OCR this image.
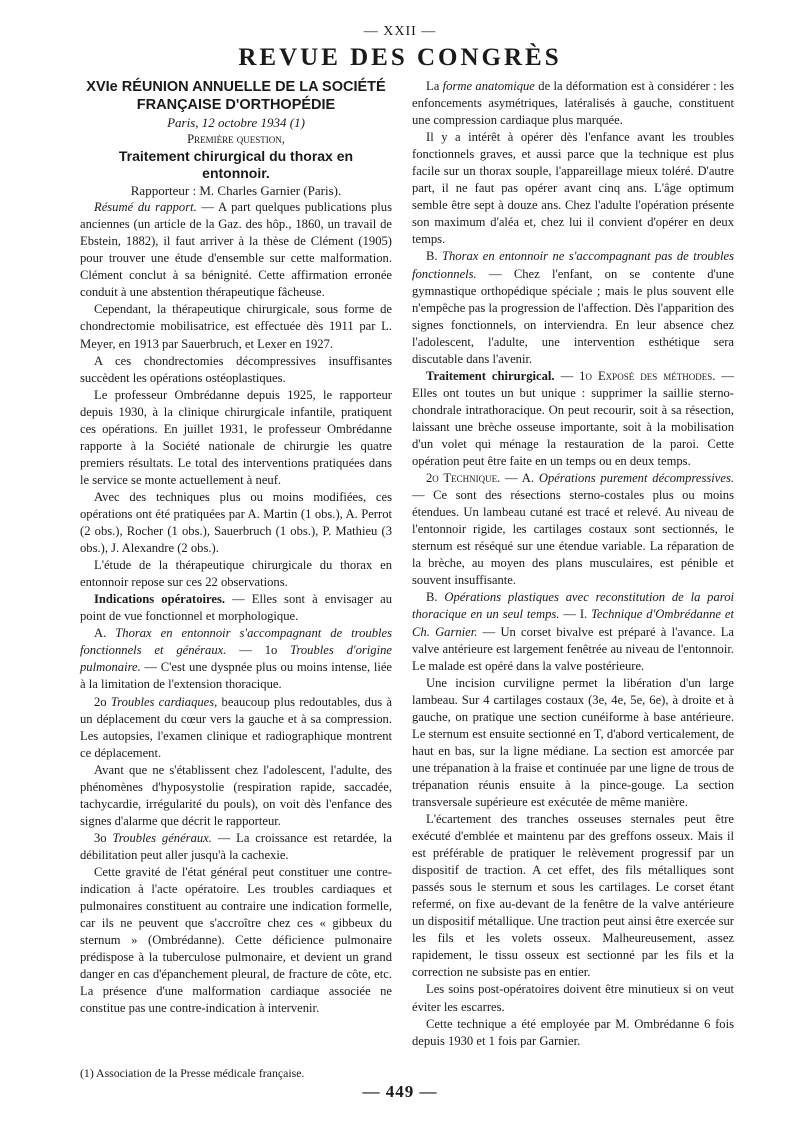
— XXII —
REVUE DES CONGRÈS

XVIe RÉUNION ANNUELLE DE LA SOCIÉTÉ

FRANÇAISE D'ORTHOPÉDIE

Paris, 12 octobre 1934 (1)

Première question,

Traitement chirurgical du thorax en

entonnoir.

Rapporteur : M. Charles Garnier (Paris).

Résumé du rapport. — A part quelques publications plus anciennes (un article de la Gaz. des hôp., 1860, un travail de Ebstein, 1882), il faut arriver à la thèse de Clément (1905) pour trouver une étude d'ensemble sur cette malformation. Clément conclut à sa bénignité. Cette affirmation erronée conduit à une abstention thérapeutique fâcheuse.

Cependant, la thérapeutique chirurgicale, sous forme de chondrectomie mobilisatrice, est effectuée dès 1911 par L. Meyer, en 1913 par Sauerbruch, et Lexer en 1927.

A ces chondrectomies décompressives insuffisantes succèdent les opérations ostéoplastiques.

Le professeur Ombrédanne depuis 1925, le rapporteur depuis 1930, à la clinique chirurgicale infantile, pratiquent ces opérations. En juillet 1931, le professeur Ombrédanne rapporte à la Société nationale de chirurgie les quatre premiers résultats. Le total des interventions pratiquées dans le service se monte actuellement à neuf.

Avec des techniques plus ou moins modifiées, ces opérations ont été pratiquées par A. Martin (1 obs.), A. Perrot (2 obs.), Rocher (1 obs.), Sauerbruch (1 obs.), P. Mathieu (3 obs.), J. Alexandre (2 obs.).

L'étude de la thérapeutique chirurgicale du thorax en entonnoir repose sur ces 22 observations.

Indications opératoires. — Elles sont à envisager au point de vue fonctionnel et morphologique.

A. Thorax en entonnoir s'accompagnant de troubles fonctionnels et généraux. — 1o Troubles d'origine pulmonaire. — C'est une dyspnée plus ou moins intense, liée à la limitation de l'extension thoracique.

2o Troubles cardiaques, beaucoup plus redoutables, dus à un déplacement du cœur vers la gauche et à sa compression. Les autopsies, l'examen clinique et radiographique montrent ce déplacement.

Avant que ne s'établissent chez l'adolescent, l'adulte, des phénomènes d'hyposystolie (respiration rapide, saccadée, tachycardie, irrégularité du pouls), on voit dès l'enfance des signes d'alarme que décrit le rapporteur.

3o Troubles généraux. — La croissance est retardée, la débilitation peut aller jusqu'à la cachexie.

Cette gravité de l'état général peut constituer une contre-indication à l'acte opératoire. Les troubles cardiaques et pulmonaires constituent au contraire une indication formelle, car ils ne peuvent que s'accroître chez ces « gibbeux du sternum » (Ombrédanne). Cette déficience pulmonaire prédispose à la tuberculose pulmonaire, et devient un grand danger en cas d'épanchement pleural, de fracture de côte, etc. La présence d'une malformation cardiaque associée ne constitue pas une contre-indication à intervenir.

La forme anatomique de la déformation est à considérer : les enfoncements asymétriques, latéralisés à gauche, constituent une compression cardiaque plus marquée.

Il y a intérêt à opérer dès l'enfance avant les troubles fonctionnels graves, et aussi parce que la technique est plus facile sur un thorax souple, l'appareillage mieux toléré. D'autre part, il ne faut pas opérer avant cinq ans. L'âge optimum semble être sept à douze ans. Chez l'adulte l'opération présente son maximum d'aléa et, chez lui il convient d'opérer en deux temps.

B. Thorax en entonnoir ne s'accompagnant pas de troubles fonctionnels. — Chez l'enfant, on se contente d'une gymnastique orthopédique spéciale ; mais le plus souvent elle n'empêche pas la progression de l'affection. Dès l'apparition des signes fonctionnels, on interviendra. En leur absence chez l'adolescent, l'adulte, une intervention esthétique sera discutable dans l'avenir.

Traitement chirurgical. — 1o Exposé des méthodes. — Elles ont toutes un but unique : supprimer la saillie sterno-chondrale intrathoracique. On peut recourir, soit à sa résection, laissant une brèche osseuse importante, soit à la mobilisation d'un volet qui ménage la restauration de la paroi. Cette opération peut être faite en un temps ou en deux temps.

2o Technique. — A. Opérations purement décompressives. — Ce sont des résections sterno-costales plus ou moins étendues. Un lambeau cutané est tracé et relevé. Au niveau de l'entonnoir rigide, les cartilages costaux sont sectionnés, le sternum est réséqué sur une étendue variable. La réparation de la brèche, au moyen des plans musculaires, est pénible et souvent insuffisante.

B. Opérations plastiques avec reconstitution de la paroi thoracique en un seul temps. — I. Technique d'Ombrédanne et Ch. Garnier. — Un corset bivalve est préparé à l'avance. La valve antérieure est largement fenêtrée au niveau de l'entonnoir. Le malade est opéré dans la valve postérieure.

Une incision curviligne permet la libération d'un large lambeau. Sur 4 cartilages costaux (3e, 4e, 5e, 6e), à droite et à gauche, on pratique une section cunéiforme à base antérieure. Le sternum est ensuite sectionné en T, d'abord verticalement, de haut en bas, sur la ligne médiane. La section est amorcée par une trépanation à la fraise et continuée par une ligne de trous de trépanation réunis ensuite à la pince-gouge. La section transversale supérieure est exécutée de même manière.

L'écartement des tranches osseuses sternales peut être exécuté d'emblée et maintenu par des greffons osseux. Mais il est préférable de pratiquer le relèvement progressif par un dispositif de traction. A cet effet, des fils métalliques sont passés sous le sternum et sous les cartilages. Le corset étant refermé, on fixe au-devant de la fenêtre de la valve antérieure un dispositif métallique. Une traction peut ainsi être exercée sur les fils et les volets osseux. Malheureusement, assez rapidement, le tissu osseux est sectionné par les fils et la correction ne subsiste pas en entier.

Les soins post-opératoires doivent être minutieux si on veut éviter les escarres.

Cette technique a été employée par M. Ombrédanne 6 fois depuis 1930 et 1 fois par Garnier.

(1) Association de la Presse médicale française.
— 449 —
